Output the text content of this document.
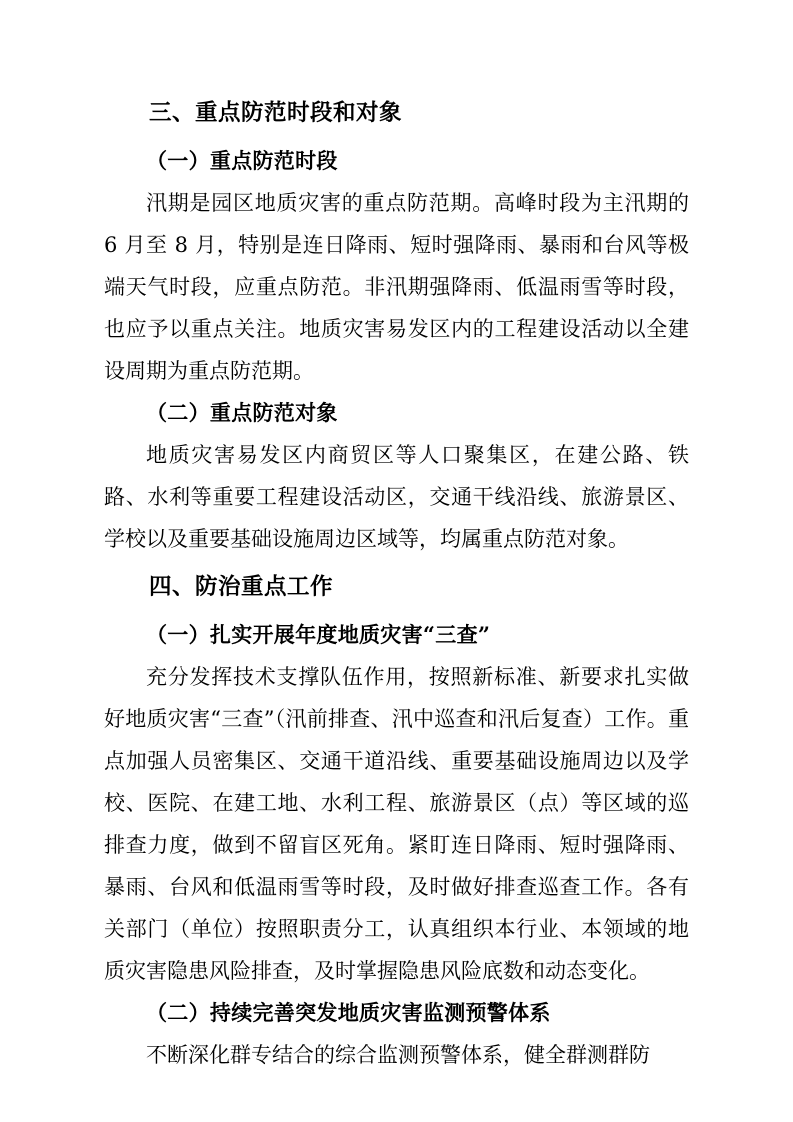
三、重点防范时段和对象
（一）重点防范时段

汛期是园区地质灾害的重点防范期。高峰时段为主汛期的 6 月至 8 月，特别是连日降雨、短时强降雨、暴雨和台风等极端天气时段，应重点防范。非汛期强降雨、低温雨雪等时段，也应予以重点关注。地质灾害易发区内的工程建设活动以全建设周期为重点防范期。

（二）重点防范对象

地质灾害易发区内商贸区等人口聚集区，在建公路、铁路、水利等重要工程建设活动区，交通干线沿线、旅游景区、学校以及重要基础设施周边区域等，均属重点防范对象。

四、防治重点工作
（一）扎实开展年度地质灾害“三查”

充分发挥技术支撑队伍作用，按照新标准、新要求扎实做好地质灾害“三查”（汛前排查、汛中巡查和汛后复查）工作。重点加强人员密集区、交通干道沿线、重要基础设施周边以及学校、医院、在建工地、水利工程、旅游景区（点）等区域的巡排查力度，做到不留盲区死角。紧盯连日降雨、短时强降雨、暴雨、台风和低温雨雪等时段，及时做好排查巡查工作。各有关部门（单位）按照职责分工，认真组织本行业、本领域的地质灾害隐患风险排查，及时掌握隐患风险底数和动态变化。

（二）持续完善突发地质灾害监测预警体系

不断深化群专结合的综合监测预警体系，健全群测群防
